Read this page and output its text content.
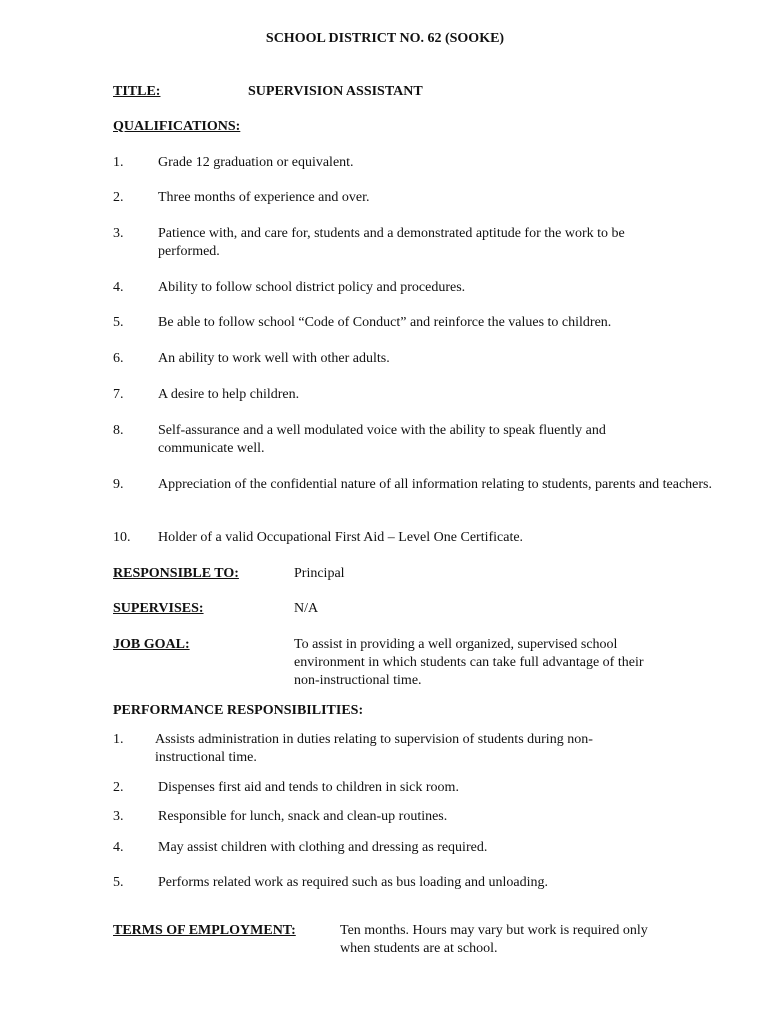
SCHOOL DISTRICT NO. 62 (SOOKE)
TITLE:	SUPERVISION ASSISTANT
QUALIFICATIONS:
1. Grade 12 graduation or equivalent.
2. Three months of experience and over.
3. Patience with, and care for, students and a demonstrated aptitude for the work to be performed.
4. Ability to follow school district policy and procedures.
5. Be able to follow school “Code of Conduct” and reinforce the values to children.
6. An ability to work well with other adults.
7. A desire to help children.
8. Self-assurance and a well modulated voice with the ability to speak fluently and communicate well.
9. Appreciation of the confidential nature of all information relating to students, parents and teachers.
10. Holder of a valid Occupational First Aid – Level One Certificate.
RESPONSIBLE TO:	Principal
SUPERVISES:	N/A
JOB GOAL:	To assist in providing a well organized, supervised school environment in which students can take full advantage of their non-instructional time.
PERFORMANCE RESPONSIBILITIES:
1. Assists administration in duties relating to supervision of students during non-instructional time.
2. Dispenses first aid and tends to children in sick room.
3. Responsible for lunch, snack and clean-up routines.
4. May assist children with clothing and dressing as required.
5. Performs related work as required such as bus loading and unloading.
TERMS OF EMPLOYMENT:	Ten months. Hours may vary but work is required only when students are at school.
